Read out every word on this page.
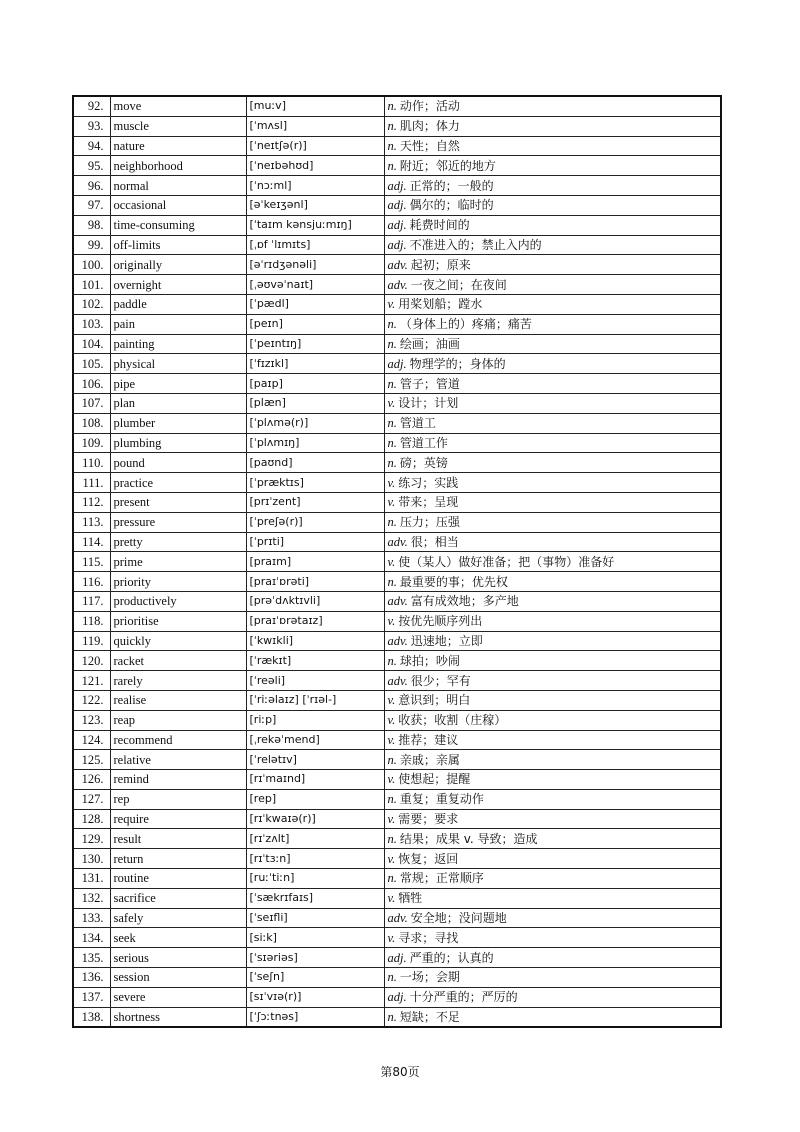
92.	move	[muːv]	n. 动作；活动
93.	muscle	[ˈmʌsl]	n. 肌肉；体力
94.	nature	[ˈneɪtʃə(r)]	n. 天性；自然
95.	neighborhood	[ˈneɪbəhʊd]	n. 附近；邻近的地方
96.	normal	[ˈnɔːml]	adj. 正常的；一般的
97.	occasional	[əˈkeɪʒənl]	adj. 偶尔的；临时的
98.	time-consuming	[ˈtaɪm kənsjuːmɪŋ]	adj. 耗费时间的
99.	off-limits	[ˌɒf ˈlɪmɪts]	adj. 不准进入的；禁止入内的
100.	originally	[əˈrɪdʒənəli]	adv. 起初；原来
101.	overnight	[ˌəʊvəˈnaɪt]	adv. 一夜之间；在夜间
102.	paddle	[ˈpædl]	v. 用桨划船；蹚水
103.	pain	[peɪn]	n. （身体上的）疼痛；痛苦
104.	painting	[ˈpeɪntɪŋ]	n. 绘画；油画
105.	physical	[ˈfɪzɪkl]	adj. 物理学的；身体的
106.	pipe	[paɪp]	n. 管子；管道
107.	plan	[plæn]	v. 设计；计划
108.	plumber	[ˈplʌmə(r)]	n. 管道工
109.	plumbing	[ˈplʌmɪŋ]	n. 管道工作
110.	pound	[paʊnd]	n. 磅；英镑
111.	practice	[ˈpræktɪs]	v. 练习；实践
112.	present	[prɪˈzent]	v. 带来；呈现
113.	pressure	[ˈpreʃə(r)]	n. 压力；压强
114.	pretty	[ˈprɪti]	adv. 很；相当
115.	prime	[praɪm]	v. 使（某人）做好准备；把（事物）准备好
116.	priority	[praɪˈɒrəti]	n. 最重要的事；优先权
117.	productively	[prəˈdʌktɪvli]	adv. 富有成效地；多产地
118.	prioritise	[praɪˈɒrətaɪz]	v. 按优先顺序列出
119.	quickly	[ˈkwɪkli]	adv. 迅速地；立即
120.	racket	[ˈrækɪt]	n. 球拍；吵闹
121.	rarely	[ˈreəli]	adv. 很少；罕有
122.	realise	[ˈriːəlaɪz] [ˈrɪəl-]	v. 意识到；明白
123.	reap	[riːp]	v. 收获；收割（庄稼）
124.	recommend	[ˌrekəˈmend]	v. 推荐；建议
125.	relative	[ˈrelətɪv]	n. 亲戚；亲属
126.	remind	[rɪˈmaɪnd]	v. 使想起；提醒
127.	rep	[rep]	n. 重复；重复动作
128.	require	[rɪˈkwaɪə(r)]	v. 需要；要求
129.	result	[rɪˈzʌlt]	n. 结果；成果 v. 导致；造成
130.	return	[rɪˈtɜːn]	v. 恢复；返回
131.	routine	[ruːˈtiːn]	n. 常规；正常顺序
132.	sacrifice	[ˈsækrɪfaɪs]	v. 牺牲
133.	safely	[ˈseɪfli]	adv. 安全地；没问题地
134.	seek	[siːk]	v. 寻求；寻找
135.	serious	[ˈsɪəriəs]	adj. 严重的；认真的
136.	session	[ˈseʃn]	n. 一场；会期
137.	severe	[sɪˈvɪə(r)]	adj. 十分严重的；严厉的
138.	shortness	[ˈʃɔːtnəs]	n. 短缺；不足
第80页
